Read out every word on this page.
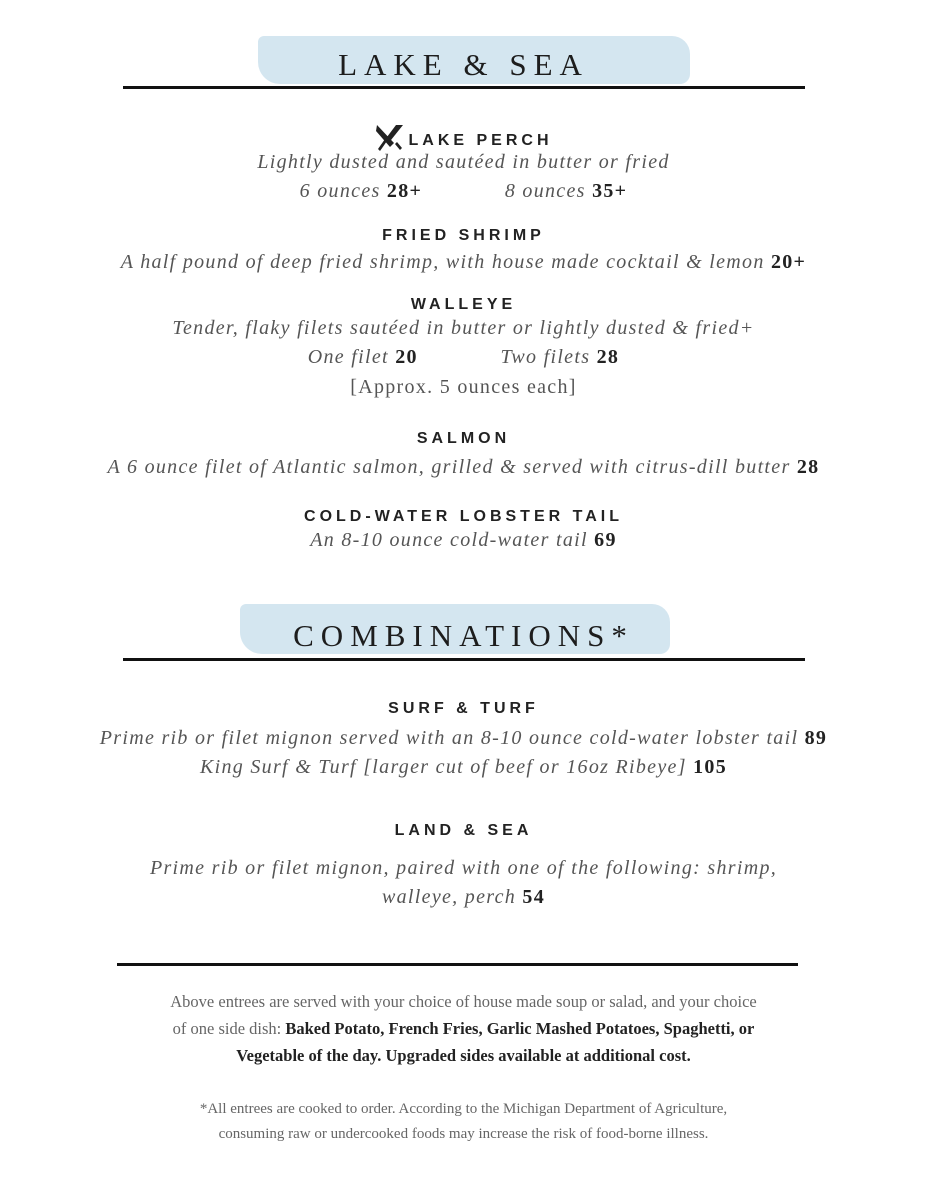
LAKE & SEA
LAKE PERCH
Lightly dusted and sautéed in butter or fried
6 ounces 28+	8 ounces 35+
FRIED SHRIMP
A half pound of deep fried shrimp, with house made cocktail & lemon 20+
WALLEYE
Tender, flaky filets sautéed in butter or lightly dusted & fried+
One filet 20	Two filets 28
[Approx. 5 ounces each]
SALMON
A 6 ounce filet of Atlantic salmon, grilled & served with citrus-dill butter 28
COLD-WATER LOBSTER TAIL
An 8-10 ounce cold-water tail 69
COMBINATIONS*
SURF & TURF
Prime rib or filet mignon served with an 8-10 ounce cold-water lobster tail 89
King Surf & Turf [larger cut of beef or 16oz Ribeye] 105
LAND & SEA
Prime rib or filet mignon, paired with one of the following: shrimp,
walleye, perch 54
Above entrees are served with your choice of house made soup or salad, and your choice
of one side dish: Baked Potato, French Fries, Garlic Mashed Potatoes, Spaghetti, or
Vegetable of the day. Upgraded sides available at additional cost.
*All entrees are cooked to order. According to the Michigan Department of Agriculture,
consuming raw or undercooked foods may increase the risk of food-borne illness.
